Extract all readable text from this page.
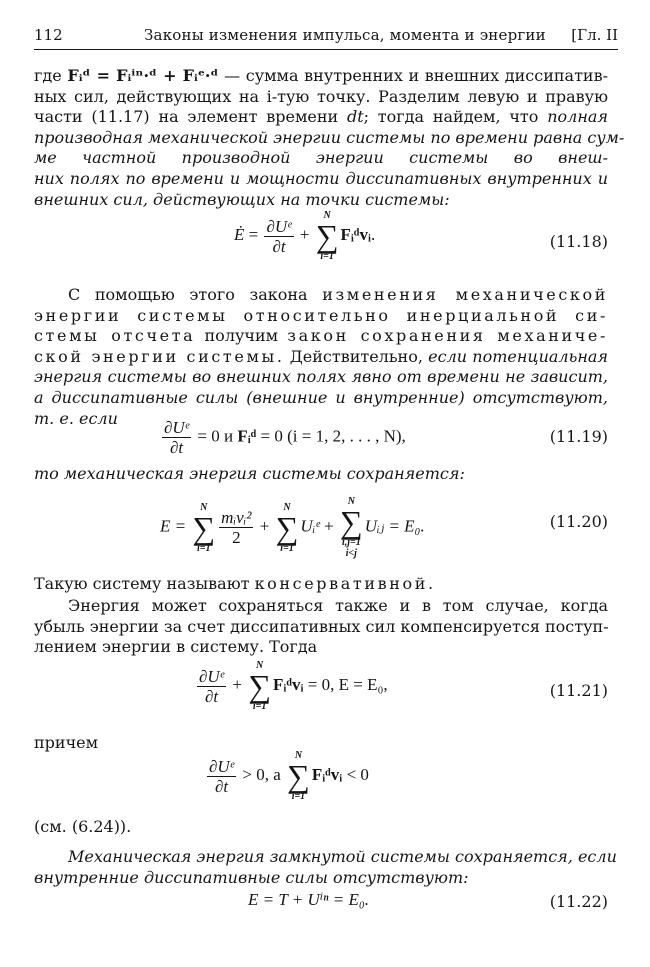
112	Законы изменения импульса, момента и энергии [Гл. II
где Fᵢᵈ = Fᵢⁱⁿ·ᵈ + Fᵢᵉ·ᵈ — сумма внутренних и внешних диссипатив-
ных сил, действующих на i-тую точку. Разделим левую и правую
части (11.17) на элемент времени dt; тогда найдем, что полная
производная механической энергии системы по времени равна сум-
ме частной производной энергии системы во внеш-
них полях по времени и мощности диссипативных внутренних и
внешних сил, действующих на точки системы:
Ė = $\frac{\text{∂Uᵉ}}{\partial t}$ +
N
∑
i=1
Fᵢᵈvᵢ.	(11.18)
С помощью этого закона изменения механической
энергии системы относительно инерциальной си-
стемы отсчета получим закон сохранения механиче-
ской энергии системы. Действительно, если потенциальная
энергия системы во внешних полях явно от времени не зависит,
а диссипативные силы (внешние и внутренние) отсутствуют,
т. е. если	$\frac{\text{∂Uᵉ}}{\partial t} = 0$ и Fᵢᵈ = 0 (i = 1, 2, . . . , N),	(11.19)
то механическая энергия системы сохраняется:
E =
N
∑
i=1
$\frac{\text{mᵢvᵢ²}}{2}$ +
N
∑
i=1
Uᵢᵉ +
N
∑
i,j=1
i<j
Uᵢⱼ = E₀.	(11.20)
Такую систему называют консервативной.
Энергия может сохраняться также и в том случае, когда
убыль энергии за счет диссипативных сил компенсируется поступ-
лением энергии в систему. Тогда
$\frac{\text{∂Uᵉ}}{\partial t}$ +
N
∑
i=1
Fᵢᵈvᵢ = 0, E = E₀,	(11.21)
причем
$\frac{\text{∂Uᵉ}}{\partial t} > 0$, а
N
∑
i=1
Fᵢᵈvᵢ < 0
(см. (6.24)).
Механическая энергия замкнутой системы сохраняется, если
внутренние диссипативные силы отсутствуют:
E = T + Uⁱⁿ = E₀.	(11.22)
